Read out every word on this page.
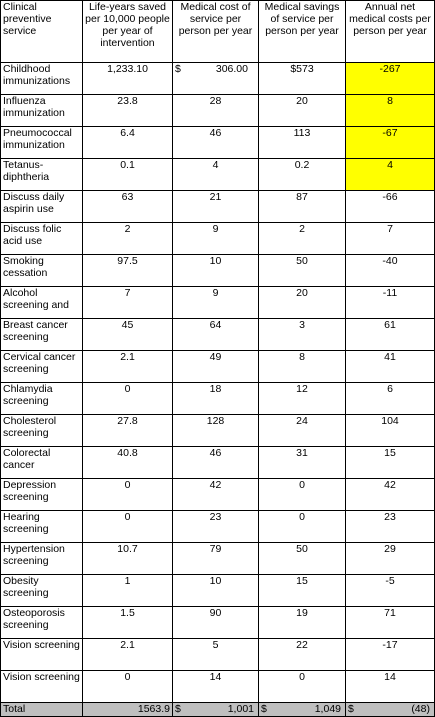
Clinical preventive service	Life-years saved per 10,000 people per year of intervention	Medical cost of service per person per year	Medical savings of service per person per year	Annual net medical costs per person per year
Childhood immunizations	1,233.10	$ 306.00	$573	-267
Influenza immunization	23.8	28	20	8
Pneumococcal immunization	6.4	46	113	-67
Tetanus-diphtheria	0.1	4	0.2	4
Discuss daily aspirin use	63	21	87	-66
Discuss folic acid use	2	9	2	7
Smoking cessation	97.5	10	50	-40
Alcohol screening and	7	9	20	-11
Breast cancer screening	45	64	3	61
Cervical cancer screening	2.1	49	8	41
Chlamydia screening	0	18	12	6
Cholesterol screening	27.8	128	24	104
Colorectal cancer	40.8	46	31	15
Depression screening	0	42	0	42
Hearing screening	0	23	0	23
Hypertension screening	10.7	79	50	29
Obesity screening	1	10	15	-5
Osteoporosis screening	1.5	90	19	71
Vision screening	2.1	5	22	-17
Vision screening	0	14	0	14
Total	1563.9	$ 1,001	$ 1,049	$ (48)
